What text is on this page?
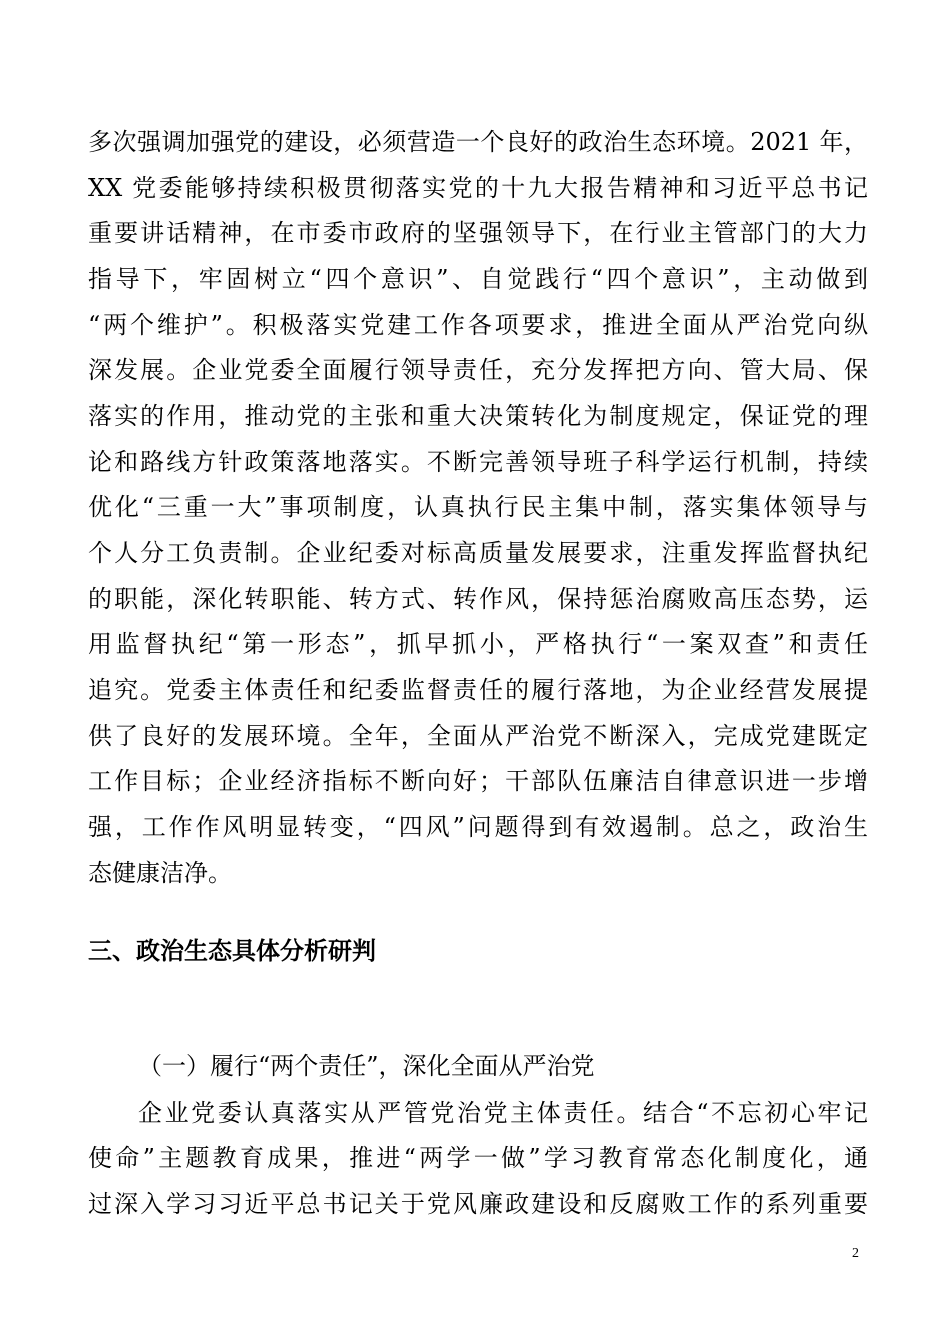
多次强调加强党的建设，必须营造一个良好的政治生态环境。2021 年，
XX 党委能够持续积极贯彻落实党的十九大报告精神和习近平总书记
重要讲话精神，在市委市政府的坚强领导下，在行业主管部门的大力
指导下，牢固树立“四个意识”、自觉践行“四个意识”，主动做到
“两个维护”。积极落实党建工作各项要求，推进全面从严治党向纵
深发展。企业党委全面履行领导责任，充分发挥把方向、管大局、保
落实的作用，推动党的主张和重大决策转化为制度规定，保证党的理
论和路线方针政策落地落实。不断完善领导班子科学运行机制，持续
优化“三重一大”事项制度，认真执行民主集中制，落实集体领导与
个人分工负责制。企业纪委对标高质量发展要求，注重发挥监督执纪
的职能，深化转职能、转方式、转作风，保持惩治腐败高压态势，运
用监督执纪“第一形态”，抓早抓小，严格执行“一案双查”和责任
追究。党委主体责任和纪委监督责任的履行落地，为企业经营发展提
供了良好的发展环境。全年，全面从严治党不断深入，完成党建既定
工作目标；企业经济指标不断向好；干部队伍廉洁自律意识进一步增
强，工作作风明显转变，“四风”问题得到有效遏制。总之，政治生
态健康洁净。
三、政治生态具体分析研判
（一）履行“两个责任”，深化全面从严治党
企业党委认真落实从严管党治党主体责任。结合“不忘初心牢记
使命”主题教育成果，推进“两学一做”学习教育常态化制度化，通
过深入学习习近平总书记关于党风廉政建设和反腐败工作的系列重要
2
